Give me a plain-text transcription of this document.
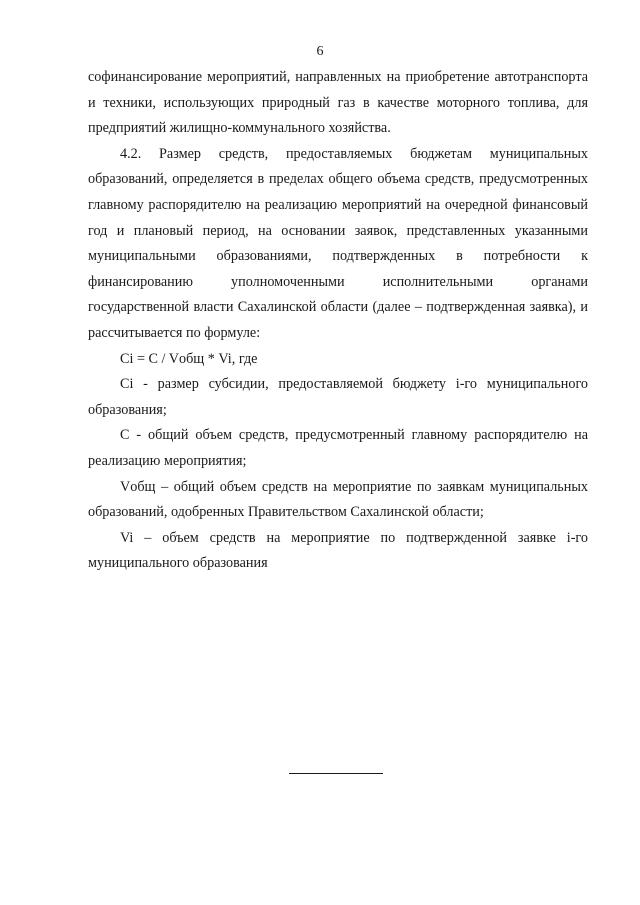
6

софинансирование мероприятий, направленных на приобретение автотранспорта и техники, использующих природный газ в качестве моторного топлива, для предприятий жилищно-коммунального хозяйства.

4.2. Размер средств, предоставляемых бюджетам муниципальных образований, определяется в пределах общего объема средств, предусмотренных главному распорядителю на реализацию мероприятий на очередной финансовый год и плановый период, на основании заявок, представленных указанными муниципальными образованиями, подтвержденных в потребности к финансированию уполномоченными исполнительными органами государственной власти Сахалинской области (далее – подтвержденная заявка), и рассчитывается по формуле:

Ci = C / Vобщ * Vi, где

Ci - размер субсидии, предоставляемой бюджету i-го муниципального образования;

C - общий объем средств, предусмотренный главному распорядителю на реализацию мероприятия;

Vобщ – общий объем средств на мероприятие по заявкам муниципальных образований, одобренных Правительством Сахалинской области;

Vi – объем средств на мероприятие по подтвержденной заявке i-го муниципального образования
